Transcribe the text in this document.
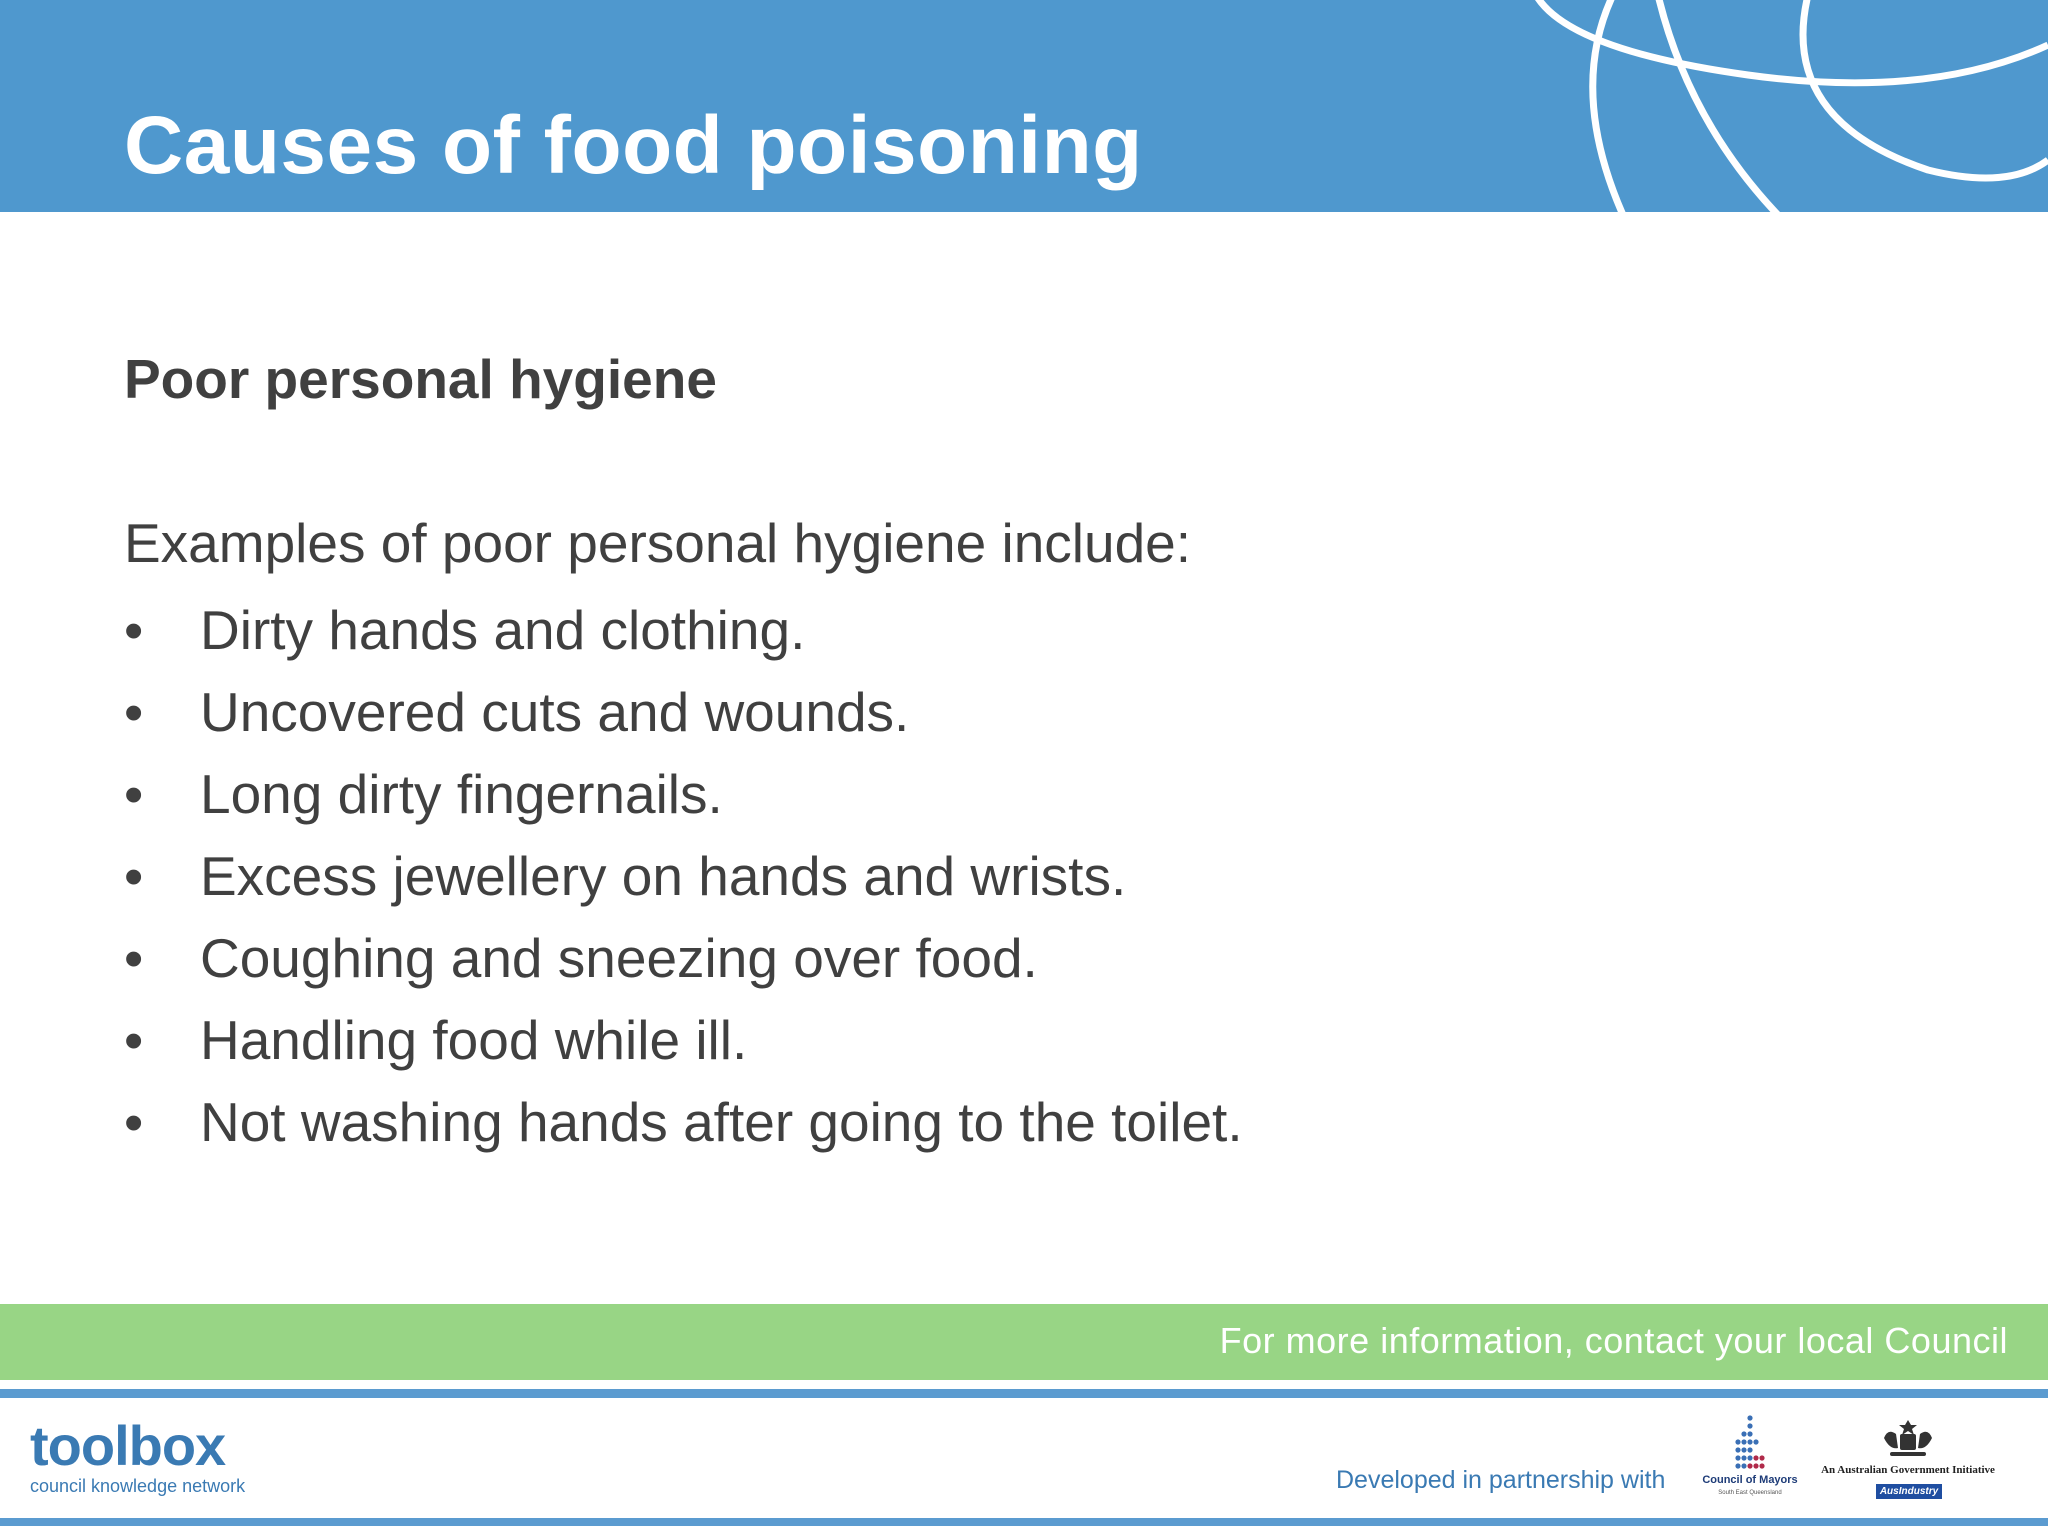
Causes of food poisoning
Poor personal hygiene

Examples of poor personal hygiene include:

• Dirty hands and clothing.
• Uncovered cuts and wounds.
• Long dirty fingernails.
• Excess jewellery on hands and wrists.
• Coughing and sneezing over food.
• Handling food while ill.
• Not washing hands after going to the toilet.
For more information, contact your local Council
toolbox
council knowledge network	Developed in partnership with	Council of Mayors
South East Queensland
An Australian Government Initiative
AusIndustry
